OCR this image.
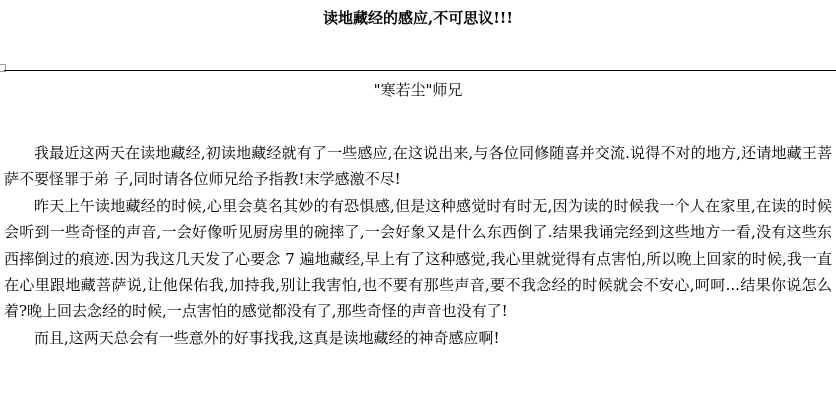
读地藏经的感应,不可思议!!!
"寒若尘"师兄

我最近这两天在读地藏经,初读地藏经就有了一些感应,在这说出来,与各位同修随喜并交流.说得不对的地方,还请地藏王菩萨不要怪罪于弟 子,同时请各位师兄给予指教!末学感激不尽!

昨天上午读地藏经的时候,心里会莫名其妙的有恐惧感,但是这种感觉时有时无,因为读的时候我一个人在家里,在读的时候会听到一些奇怪的声音,一会好像听见厨房里的碗摔了,一会好象又是什么东西倒了.结果我诵完经到这些地方一看,没有这些东西摔倒过的痕迹.因为我这几天发了心要念 7 遍地藏经,早上有了这种感觉,我心里就觉得有点害怕,所以晚上回家的时候,我一直在心里跟地藏菩萨说,让他保佑我,加持我,别让我害怕,也不要有那些声音,要不我念经的时候就会不安心,呵呵...结果你说怎么着?晚上回去念经的时候,一点害怕的感觉都没有了,那些奇怪的声音也没有了!

而且,这两天总会有一些意外的好事找我,这真是读地藏经的神奇感应啊!
